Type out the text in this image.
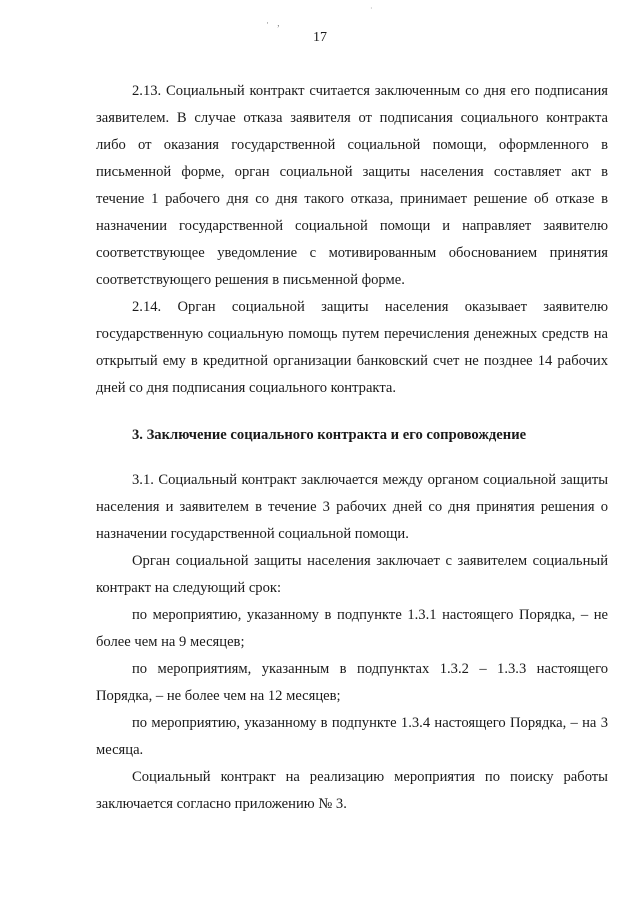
· ,
·
17

2.13. Социальный контракт считается заключенным со дня его подписания заявителем. В случае отказа заявителя от подписания социального контракта либо от оказания государственной социальной помощи, оформленного в письменной форме, орган социальной защиты населения составляет акт в течение 1 рабочего дня со дня такого отказа, принимает решение об отказе в назначении государственной социальной помощи и направляет заявителю соответствующее уведомление с мотивированным обоснованием принятия соответствующего решения в письменной форме.

2.14. Орган социальной защиты населения оказывает заявителю государственную социальную помощь путем перечисления денежных средств на открытый ему в кредитной организации банковский счет не позднее 14 рабочих дней со дня подписания социального контракта.

3. Заключение социального контракта и его сопровождение

3.1. Социальный контракт заключается между органом социальной защиты населения и заявителем в течение 3 рабочих дней со дня принятия решения о назначении государственной социальной помощи.

Орган социальной защиты населения заключает с заявителем социальный контракт на следующий срок:

по мероприятию, указанному в подпункте 1.3.1 настоящего Порядка, – не более чем на 9 месяцев;

по мероприятиям, указанным в подпунктах 1.3.2 – 1.3.3 настоящего Порядка, – не более чем на 12 месяцев;

по мероприятию, указанному в подпункте 1.3.4 настоящего Порядка, – на 3 месяца.

Социальный контракт на реализацию мероприятия по поиску работы заключается согласно приложению № 3.
